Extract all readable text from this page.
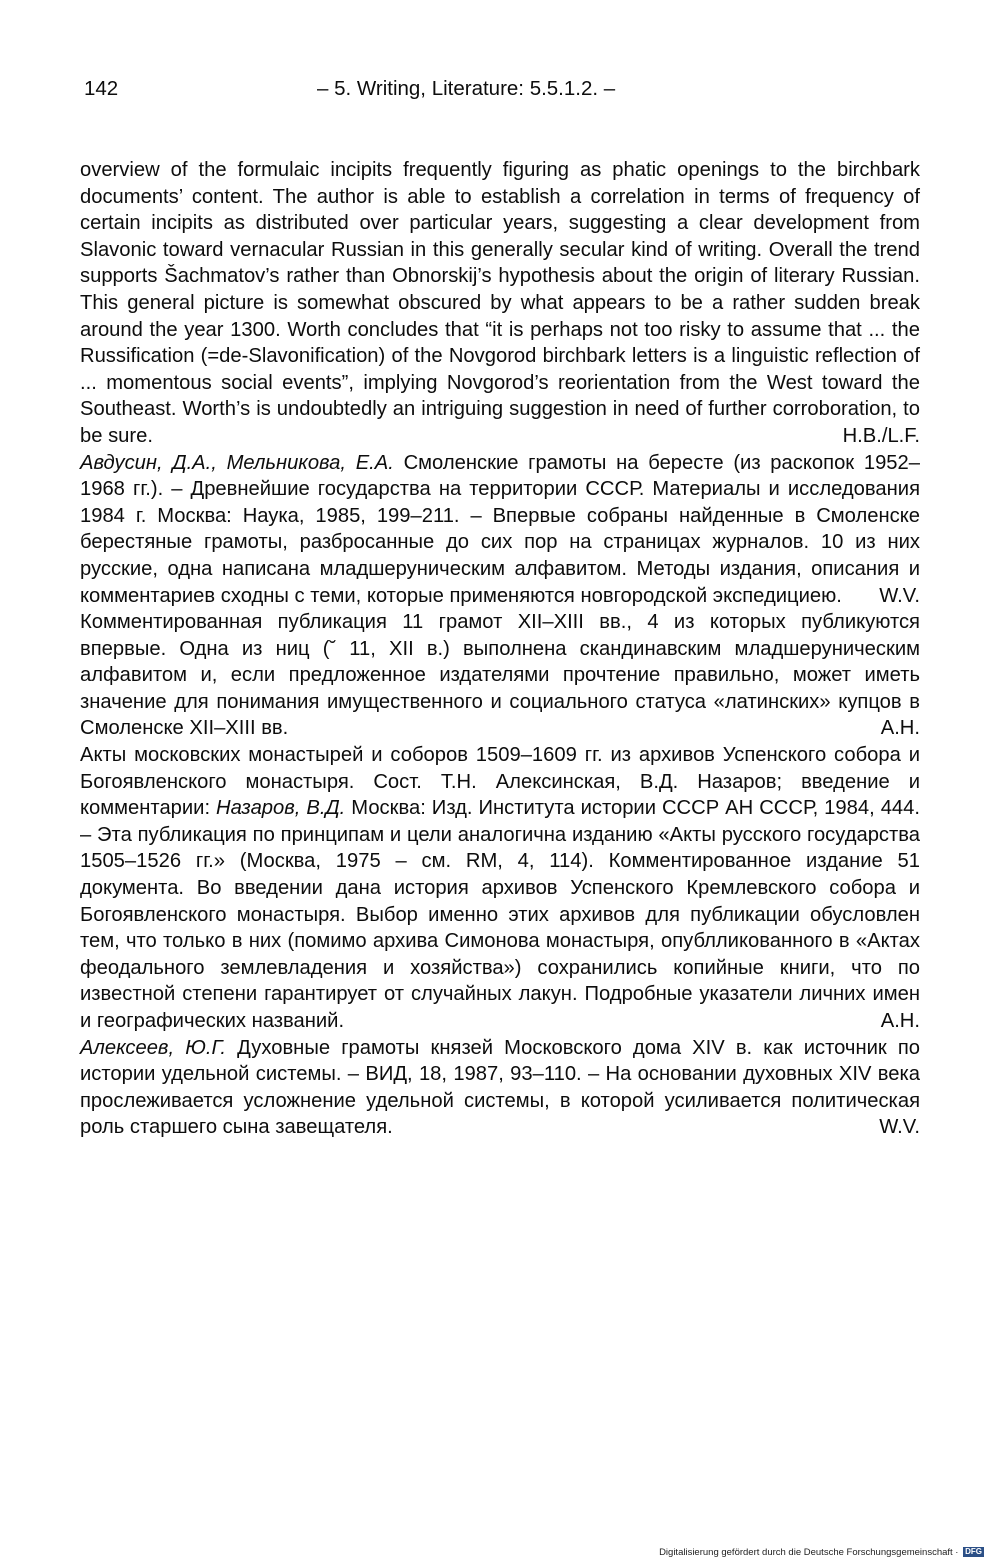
142	– 5. Writing, Literature: 5.5.1.2. –

overview of the formulaic incipits frequently figuring as phatic openings to the birchbark documents’ content. The author is able to establish a correlation in terms of frequency of certain incipits as distributed over particular years, suggesting a clear development from Slavonic toward vernacular Russian in this generally secular kind of writing. Overall the trend supports Šachmatov’s rather than Obnorskij’s hypothesis about the origin of literary Russian. This general picture is somewhat obscured by what appears to be a rather sudden break around the year 1300. Worth concludes that “it is perhaps not too risky to assume that ... the Russification (=de-Slavonification) of the Novgorod birchbark letters is a linguistic reflection of ... momentous social events”, implying Novgorod’s reorientation from the West toward the Southeast. Worth’s is undoubtedly an intriguing suggestion in need of further corroboration, to be sure.	H.B./L.F.

Авдусин, Д.А., Мельникова, Е.А. Смоленские грамоты на бересте (из раскопок 1952–1968 гг.). – Древнейшие государства на территории СССР. Материалы и исследования 1984 г. Москва: Наука, 1985, 199–211. – Впервые собраны найденные в Смоленске берестяные грамоты, разбросанные до сих пор на страницах журналов. 10 из них русские, одна написана младшеруническим алфавитом. Методы издания, описания и комментариев сходны с теми, которые применяются новгородской экспедициею. W.V.

Комментированная публикация 11 грамот XII–XIII вв., 4 из которых публикуются впервые. Одна из ниц (˘ 11, XII в.) выполнена скандинавским младшеруническим алфавитом и, если предложенное издателями прочтение правильно, может иметь значение для понимания имущественного и социального статуса «латинских» купцов в Смоленске XII–XIII вв.	A.H.

Акты московских монастырей и соборов 1509–1609 гг. из архивов Успенского собора и Богоявленского монастыря. Сост. Т.Н. Алексинская, В.Д. Назаров; введение и комментарии: Назаров, В.Д. Москва: Изд. Института истории СССР АН СССР, 1984, 444. – Эта публикация по принципам и цели аналогична изданию «Акты русского государства 1505–1526 гг.» (Москва, 1975 – см. RM, 4, 114). Комментированное издание 51 документа. Во введении дана история архивов Успенского Кремлевского собора и Богоявленского монастыря. Выбор именно этих архивов для публикации обусловлен тем, что только в них (помимо архива Симонова монастыря, опублликованного в «Актах феодального землевладения и хозяйства») сохранились копийные книги, что по известной степени гарантирует от случайных лакун. Подробные указатели личних имен и географических названий.	A.H.

Алексеев, Ю.Г. Духовные грамоты князей Московского дома XIV в. как источник по истории удельной системы. – ВИД, 18, 1987, 93–110. – На основании духовных XIV века прослеживается усложнение удельной системы, в которой усиливается политическая роль старшего сына завещателя.	W.V.

Digitalisierung gefördert durch die Deutsche Forschungsgemeinschaft · DFG
